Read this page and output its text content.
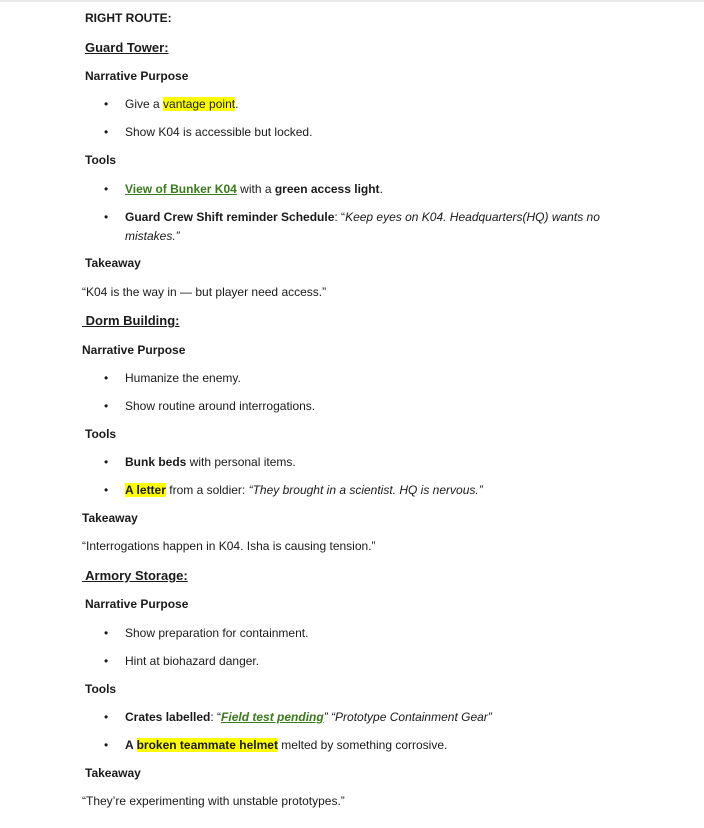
RIGHT ROUTE:
Guard Tower:
Narrative Purpose
• Give a vantage point.
• Show K04 is accessible but locked.
Tools
• View of Bunker K04 with a green access light.
• Guard Crew Shift reminder Schedule: “Keep eyes on K04. Headquarters(HQ) wants no
mistakes.”
Takeaway
“K04 is the way in — but player need access.”
Dorm Building:
Narrative Purpose
• Humanize the enemy.
• Show routine around interrogations.
Tools
• Bunk beds with personal items.
• A letter from a soldier: “They brought in a scientist. HQ is nervous.”
Takeaway
“Interrogations happen in K04. Isha is causing tension.”
Armory Storage:
Narrative Purpose
• Show preparation for containment.
• Hint at biohazard danger.
Tools
• Crates labelled: “Field test pending” “Prototype Containment Gear”
• A broken teammate helmet melted by something corrosive.
Takeaway
“They’re experimenting with unstable prototypes.”
